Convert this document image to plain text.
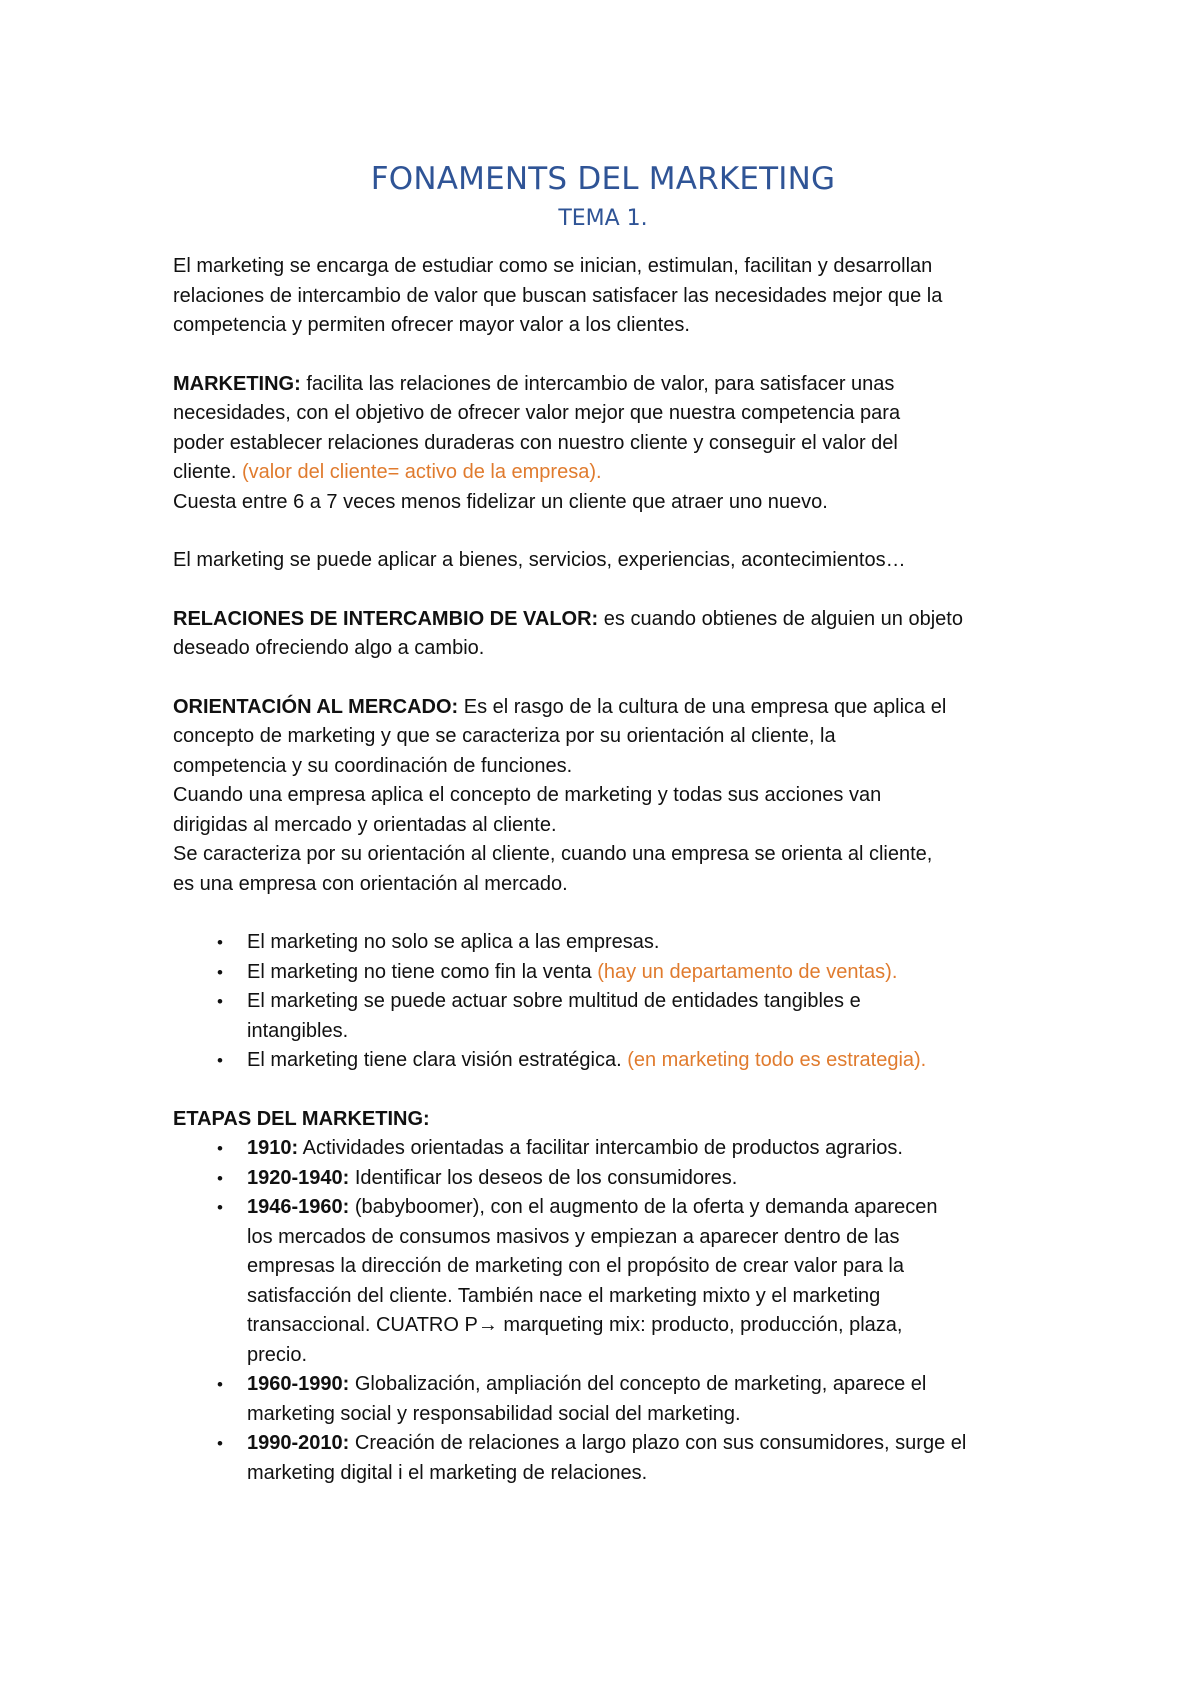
FONAMENTS DEL MARKETING
TEMA 1.

El marketing se encarga de estudiar como se inician, estimulan, facilitan y desarrollan

relaciones de intercambio de valor que buscan satisfacer las necesidades mejor que la

competencia y permiten ofrecer mayor valor a los clientes.

MARKETING: facilita las relaciones de intercambio de valor, para satisfacer unas

necesidades, con el objetivo de ofrecer valor mejor que nuestra competencia para

poder establecer relaciones duraderas con nuestro cliente y conseguir el valor del

cliente. (valor del cliente= activo de la empresa).

Cuesta entre 6 a 7 veces menos fidelizar un cliente que atraer uno nuevo.

El marketing se puede aplicar a bienes, servicios, experiencias, acontecimientos…

RELACIONES DE INTERCAMBIO DE VALOR: es cuando obtienes de alguien un objeto

deseado ofreciendo algo a cambio.

ORIENTACIÓN AL MERCADO: Es el rasgo de la cultura de una empresa que aplica el

concepto de marketing y que se caracteriza por su orientación al cliente, la

competencia y su coordinación de funciones.

Cuando una empresa aplica el concepto de marketing y todas sus acciones van

dirigidas al mercado y orientadas al cliente.

Se caracteriza por su orientación al cliente, cuando una empresa se orienta al cliente,

es una empresa con orientación al mercado.

• El marketing no solo se aplica a las empresas.
• El marketing no tiene como fin la venta (hay un departamento de ventas).
• El marketing se puede actuar sobre multitud de entidades tangibles e
intangibles.
• El marketing tiene clara visión estratégica. (en marketing todo es estrategia).

ETAPAS DEL MARKETING:

• 1910: Actividades orientadas a facilitar intercambio de productos agrarios.
• 1920-1940: Identificar los deseos de los consumidores.
• 1946-1960: (babyboomer), con el augmento de la oferta y demanda aparecen
los mercados de consumos masivos y empiezan a aparecer dentro de las
empresas la dirección de marketing con el propósito de crear valor para la
satisfacción del cliente. También nace el marketing mixto y el marketing
transaccional. CUATRO P→ marqueting mix: producto, producción, plaza,
precio.
• 1960-1990: Globalización, ampliación del concepto de marketing, aparece el
marketing social y responsabilidad social del marketing.
• 1990-2010: Creación de relaciones a largo plazo con sus consumidores, surge el
marketing digital i el marketing de relaciones.
